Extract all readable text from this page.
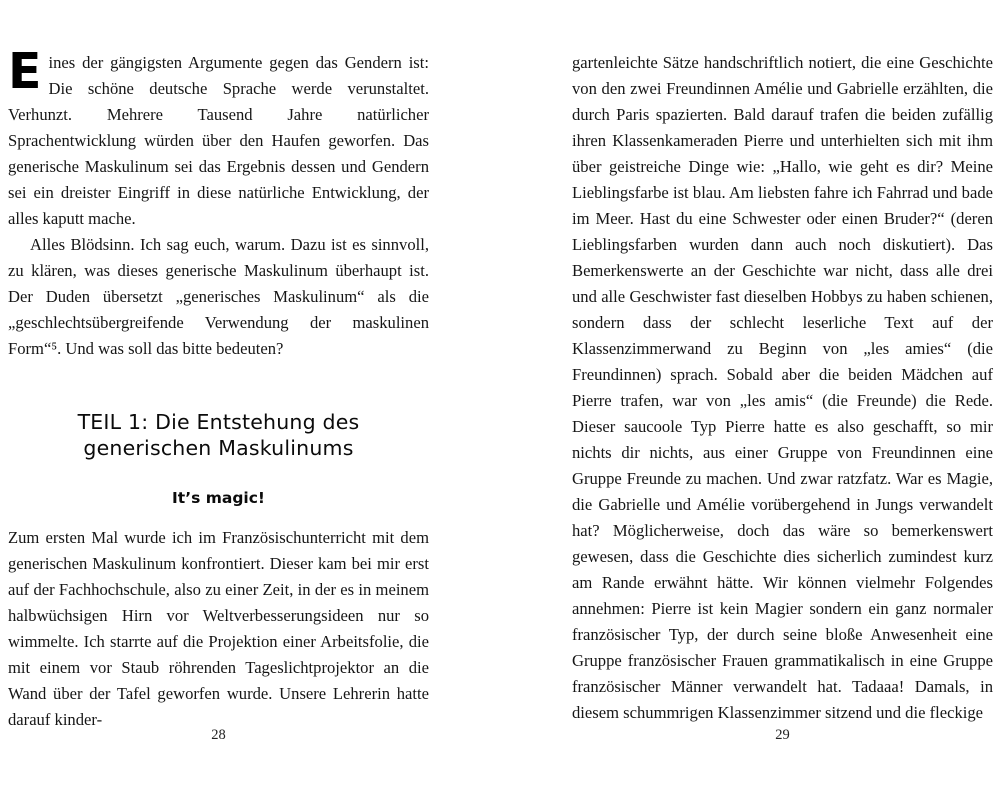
Eines der gängigsten Argumente gegen das Gendern ist: Die schöne deutsche Sprache werde verunstaltet. Verhunzt. Mehrere Tausend Jahre natürlicher Sprachentwicklung würden über den Haufen geworfen. Das generische Maskulinum sei das Ergebnis dessen und Gendern sei ein dreister Eingriff in diese natürliche Entwicklung, der alles kaputt mache.

Alles Blödsinn. Ich sag euch, warum. Dazu ist es sinnvoll, zu klären, was dieses generische Maskulinum überhaupt ist. Der Duden übersetzt „generisches Maskulinum“ als die „geschlechtsübergreifende Verwendung der maskulinen Form“⁵. Und was soll das bitte bedeuten?

TEIL 1: Die Entstehung des
generischen Maskulinums
It’s magic!

Zum ersten Mal wurde ich im Französischunterricht mit dem generischen Maskulinum konfrontiert. Dieser kam bei mir erst auf der Fachhochschule, also zu einer Zeit, in der es in meinem halbwüchsigen Hirn vor Weltverbesserungsideen nur so wimmelte. Ich starrte auf die Projektion einer Arbeitsfolie, die mit einem vor Staub röhrenden Tageslichtprojektor an die Wand über der Tafel geworfen wurde. Unsere Lehrerin hatte darauf kinder-

gartenleichte Sätze handschriftlich notiert, die eine Geschichte von den zwei Freundinnen Amélie und Gabrielle erzählten, die durch Paris spazierten. Bald darauf trafen die beiden zufällig ihren Klassenkameraden Pierre und unterhielten sich mit ihm über geistreiche Dinge wie: „Hallo, wie geht es dir? Meine Lieblingsfarbe ist blau. Am liebsten fahre ich Fahrrad und bade im Meer. Hast du eine Schwester oder einen Bruder?“ (deren Lieblingsfarben wurden dann auch noch diskutiert). Das Bemerkenswerte an der Geschichte war nicht, dass alle drei und alle Geschwister fast dieselben Hobbys zu haben schienen, sondern dass der schlecht leserliche Text auf der Klassenzimmerwand zu Beginn von „les amies“ (die Freundinnen) sprach. Sobald aber die beiden Mädchen auf Pierre trafen, war von „les amis“ (die Freunde) die Rede. Dieser saucoole Typ Pierre hatte es also geschafft, so mir nichts dir nichts, aus einer Gruppe von Freundinnen eine Gruppe Freunde zu machen. Und zwar ratzfatz. War es Magie, die Gabrielle und Amélie vorübergehend in Jungs verwandelt hat? Möglicherweise, doch das wäre so bemerkenswert gewesen, dass die Geschichte dies sicherlich zumindest kurz am Rande erwähnt hätte. Wir können vielmehr Folgendes annehmen: Pierre ist kein Magier sondern ein ganz normaler französischer Typ, der durch seine bloße Anwesenheit eine Gruppe französischer Frauen grammatikalisch in eine Gruppe französischer Männer verwandelt hat. Tadaaa! Damals, in diesem schummrigen Klassenzimmer sitzend und die fleckige

28	29
